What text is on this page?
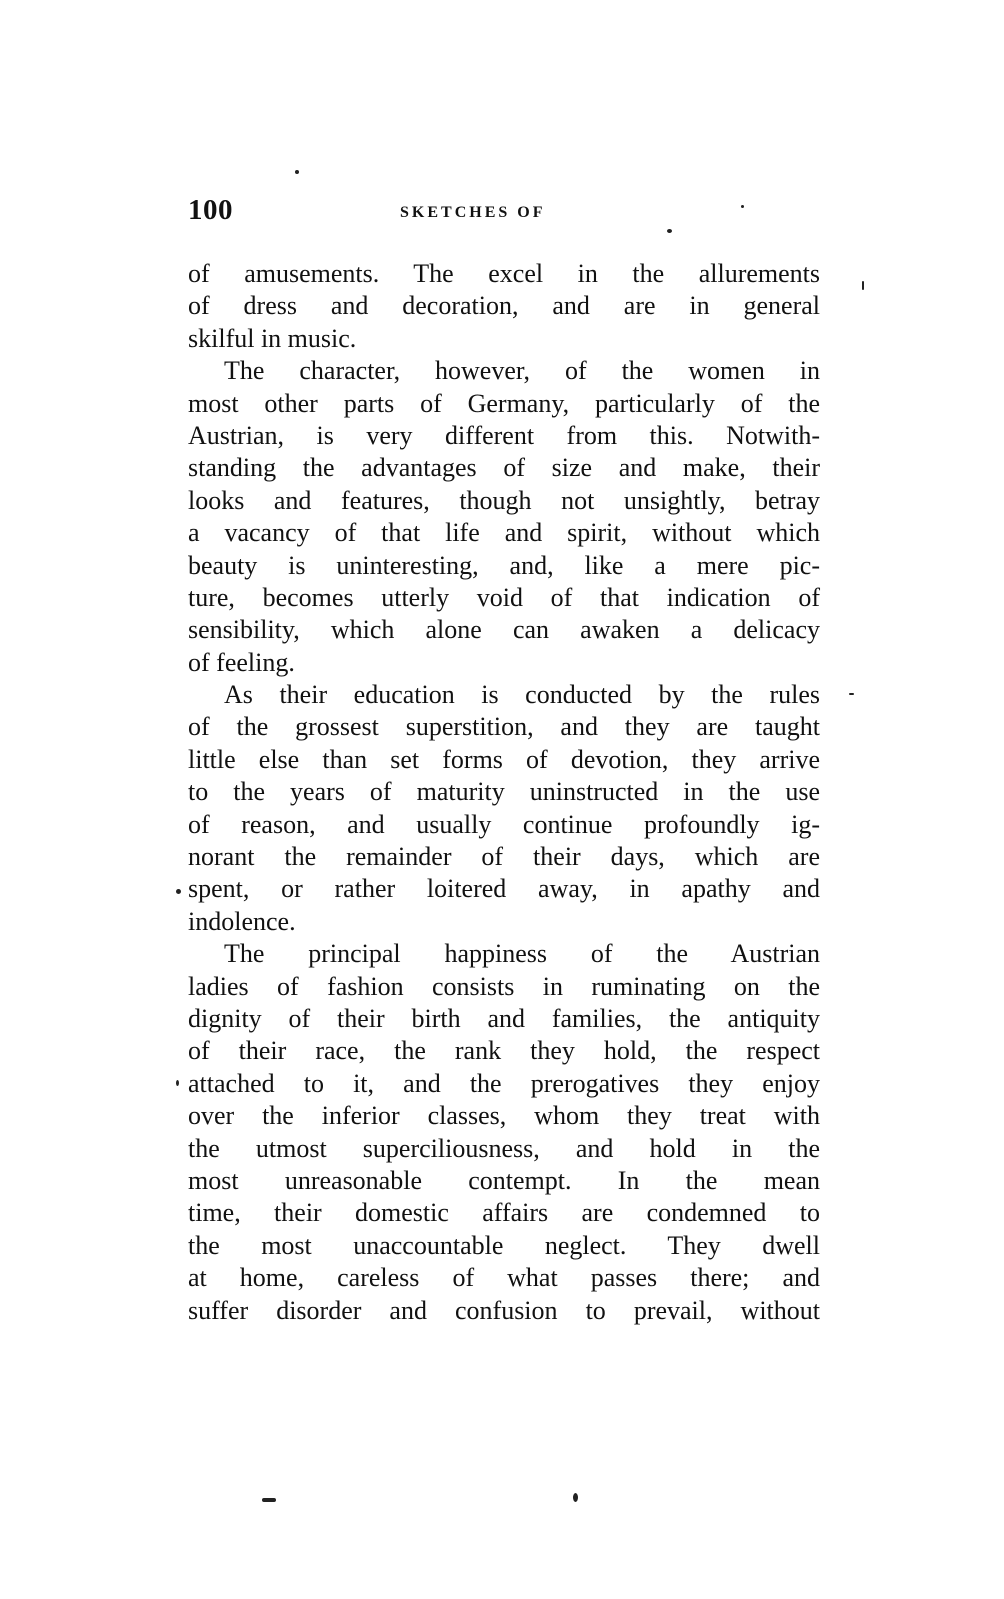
100	SKETCHES OF
of amusements. The excel in the allurements
of dress and decoration, and are in general
skilful in music.
The character, however, of the women in
most other parts of Germany, particularly of the
Austrian, is very different from this. Notwith-
standing the advantages of size and make, their
looks and features, though not unsightly, betray
a vacancy of that life and spirit, without which
beauty is uninteresting, and, like a mere pic-
ture, becomes utterly void of that indication of
sensibility, which alone can awaken a delicacy
of feeling.
As their education is conducted by the rules
of the grossest superstition, and they are taught
little else than set forms of devotion, they arrive
to the years of maturity uninstructed in the use
of reason, and usually continue profoundly ig-
norant the remainder of their days, which are
spent, or rather loitered away, in apathy and
indolence.
The principal happiness of the Austrian
ladies of fashion consists in ruminating on the
dignity of their birth and families, the antiquity
of their race, the rank they hold, the respect
attached to it, and the prerogatives they enjoy
over the inferior classes, whom they treat with
the utmost superciliousness, and hold in the
most unreasonable contempt. In the mean
time, their domestic affairs are condemned to
the most unaccountable neglect. They dwell
at home, careless of what passes there; and
suffer disorder and confusion to prevail, without
